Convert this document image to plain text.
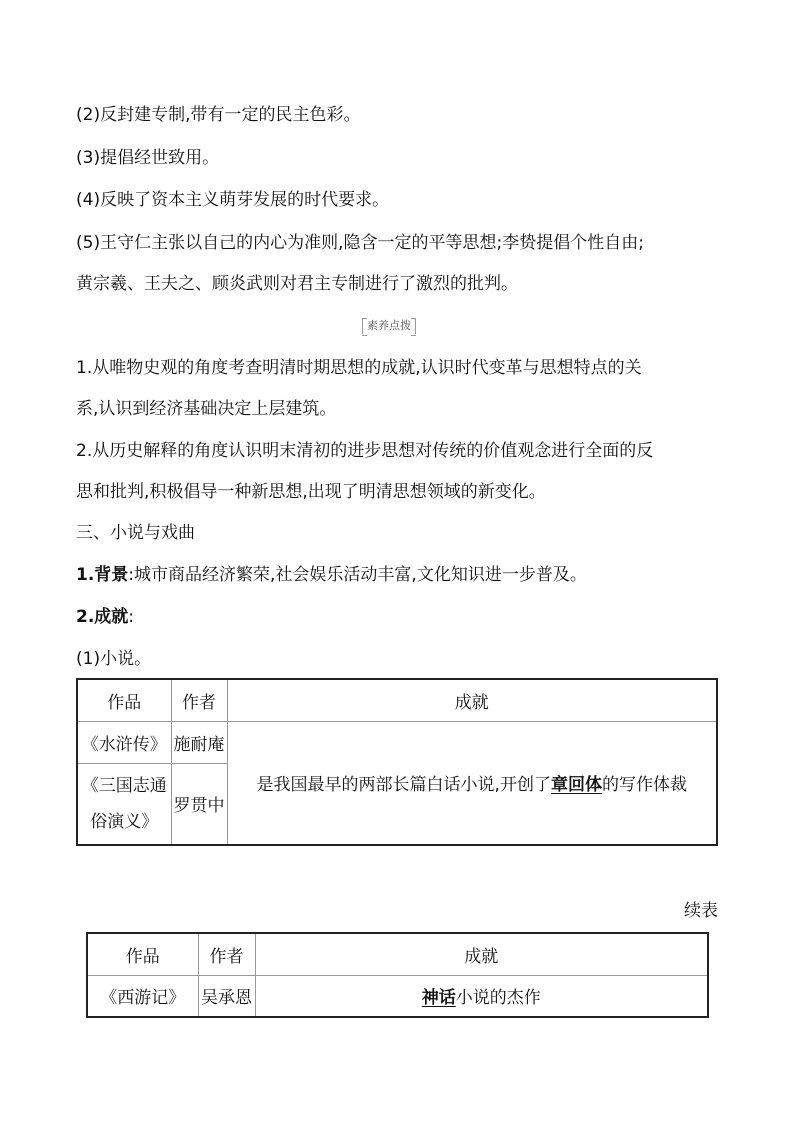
(2)反封建专制,带有一定的民主色彩。
(3)提倡经世致用。
(4)反映了资本主义萌芽发展的时代要求。
(5)王守仁主张以自己的内心为准则,隐含一定的平等思想;李贽提倡个性自由;
黄宗羲、王夫之、顾炎武则对君主专制进行了激烈的批判。
素养点拨
1.从唯物史观的角度考查明清时期思想的成就,认识时代变革与思想特点的关
系,认识到经济基础决定上层建筑。
2.从历史解释的角度认识明末清初的进步思想对传统的价值观念进行全面的反
思和批判,积极倡导一种新思想,出现了明清思想领域的新变化。
三、小说与戏曲
1.背景:城市商品经济繁荣,社会娱乐活动丰富,文化知识进一步普及。
2.成就:
(1)小说。
作品	作者	成就
《水浒传》	施耐庵	是我国最早的两部长篇白话小说,开创了章回体的写作体裁

《三国志通
俗演义》	罗贯中	
续表
作品	作者	成就
《西游记》	吴承恩	神话小说的杰作
